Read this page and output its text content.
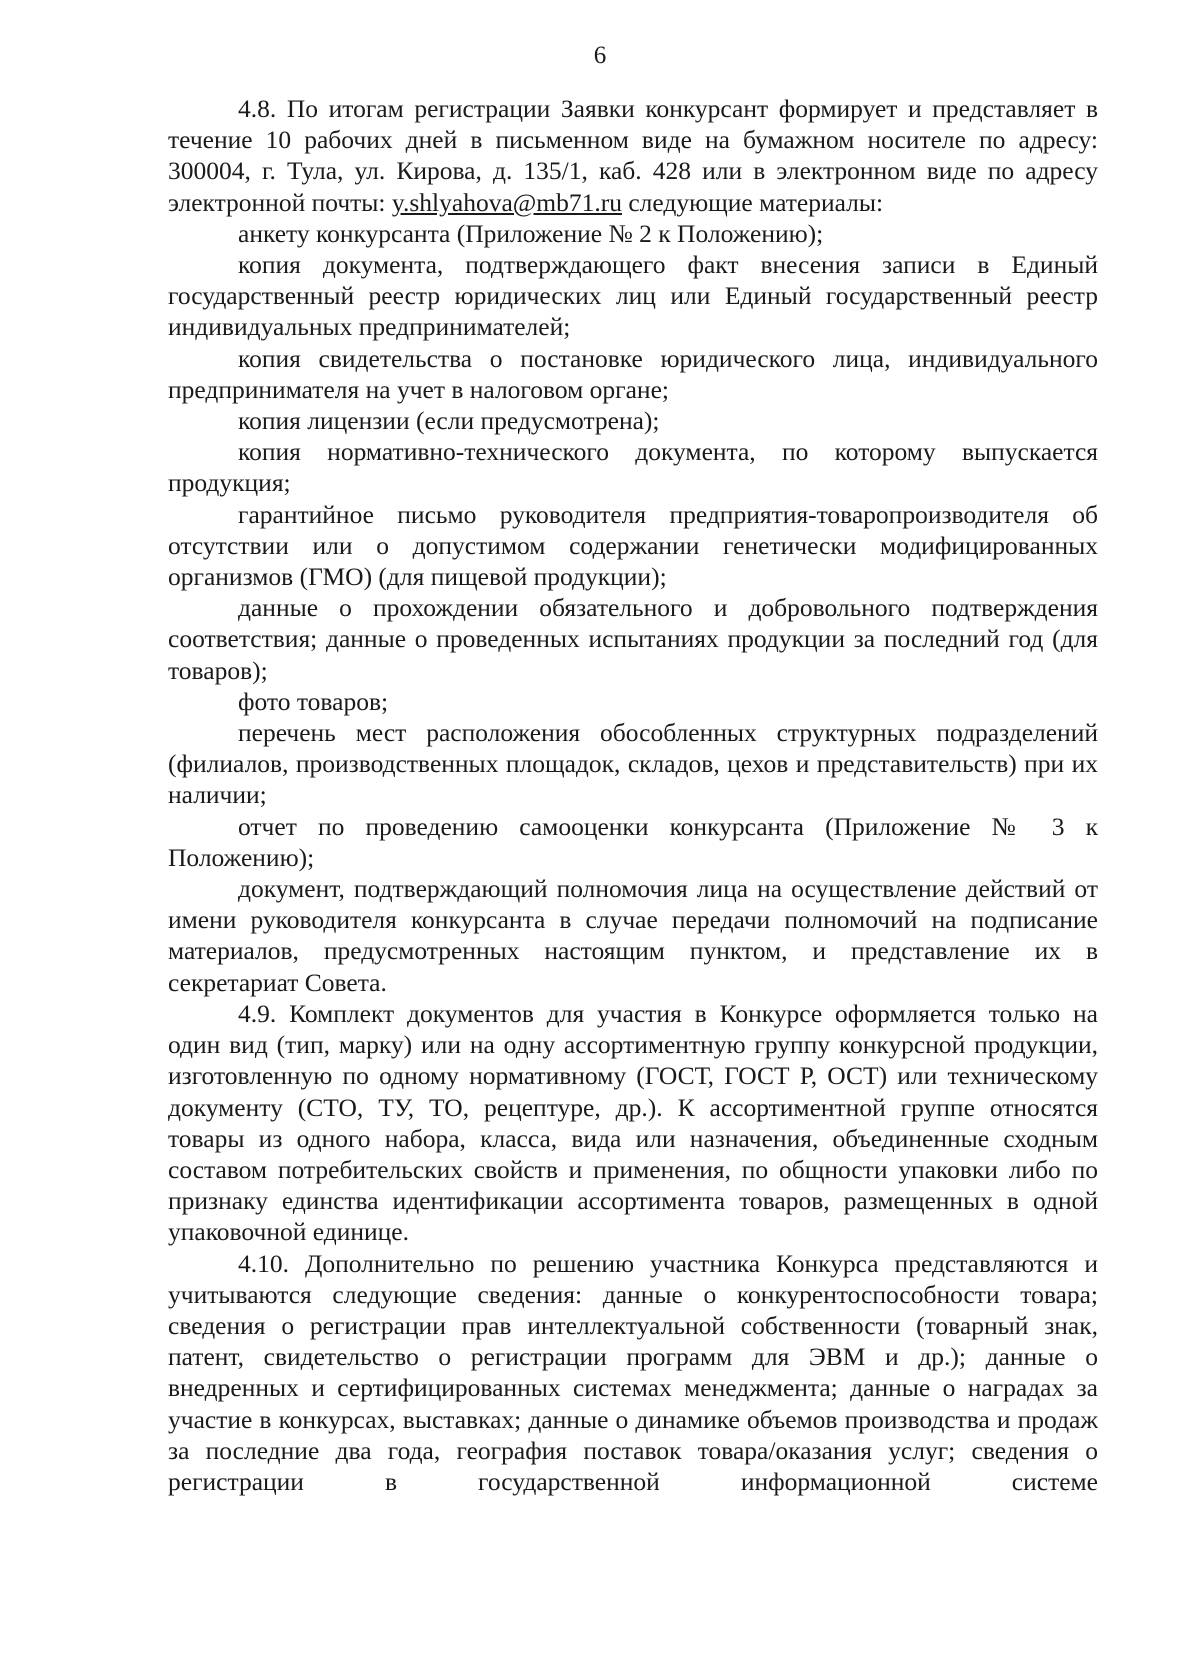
6

4.8. По итогам регистрации Заявки конкурсант формирует и представляет в течение 10 рабочих дней в письменном виде на бумажном носителе по адресу: 300004, г. Тула, ул. Кирова, д. 135/1, каб. 428 или в электронном виде по адресу электронной почты: y.shlyahova@mb71.ru следующие материалы:

анкету конкурсанта (Приложение № 2 к Положению);

копия документа, подтверждающего факт внесения записи в Единый государственный реестр юридических лиц или Единый государственный реестр индивидуальных предпринимателей;

копия свидетельства о постановке юридического лица, индивидуального предпринимателя на учет в налоговом органе;

копия лицензии (если предусмотрена);

копия нормативно-технического документа, по которому выпускается продукция;

гарантийное письмо руководителя предприятия-товаропроизводителя об отсутствии или о допустимом содержании генетически модифицированных организмов (ГМО) (для пищевой продукции);

данные о прохождении обязательного и добровольного подтверждения соответствия; данные о проведенных испытаниях продукции за последний год (для товаров);

фото товаров;

перечень мест расположения обособленных структурных подразделений (филиалов, производственных площадок, складов, цехов и представительств) при их наличии;

отчет по проведению самооценки конкурсанта (Приложение № 3 к Положению);

документ, подтверждающий полномочия лица на осуществление действий от имени руководителя конкурсанта в случае передачи полномочий на подписание материалов, предусмотренных настоящим пунктом, и представление их в секретариат Совета.

4.9. Комплект документов для участия в Конкурсе оформляется только на один вид (тип, марку) или на одну ассортиментную группу конкурсной продукции, изготовленную по одному нормативному (ГОСТ, ГОСТ Р, ОСТ) или техническому документу (СТО, ТУ, ТО, рецептуре, др.). К ассортиментной группе относятся товары из одного набора, класса, вида или назначения, объединенные сходным составом потребительских свойств и применения, по общности упаковки либо по признаку единства идентификации ассортимента товаров, размещенных в одной упаковочной единице.

4.10. Дополнительно по решению участника Конкурса представляются и учитываются следующие сведения: данные о конкурентоспособности товара; сведения о регистрации прав интеллектуальной собственности (товарный знак, патент, свидетельство о регистрации программ для ЭВМ и др.); данные о внедренных и сертифицированных системах менеджмента; данные о наградах за участие в конкурсах, выставках; данные о динамике объемов производства и продаж за последние два года, география поставок товара/оказания услуг; сведения о регистрации в государственной информационной системе
